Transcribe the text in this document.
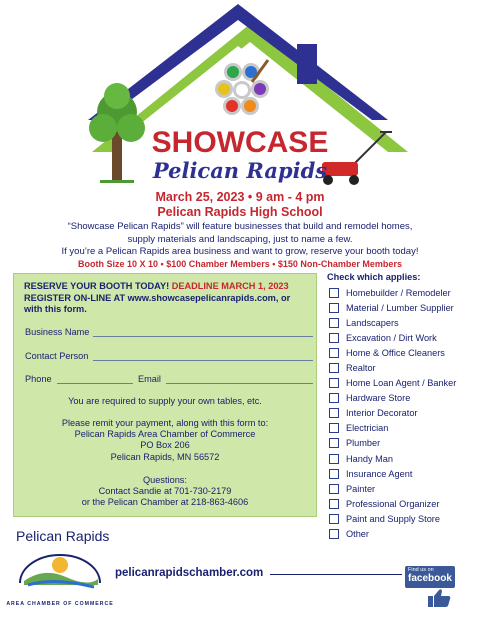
SHOWCASE
Pelican Rapids
March 25, 2023 • 9 am - 4 pm
Pelican Rapids High School
“Showcase Pelican Rapids” will feature businesses that build and remodel homes,
supply materials and landscaping, just to name a few.
If you’re a Pelican Rapids area business and want to grow, reserve your booth today!
Booth Size 10 X 10 • $100 Chamber Members • $150 Non-Chamber Members
RESERVE YOUR BOOTH TODAY! DEADLINE MARCH 1, 2023
REGISTER ON-LINE AT www.showcasepelicanrapids.com, or
with this form.
Business Name
Contact Person
Phone	Email
You are required to supply your own tables, etc.
Please remit your payment, along with this form to:
Pelican Rapids Area Chamber of Commerce
PO Box 206
Pelican Rapids, MN 56572
Questions:
Contact Sandie at 701-730-2179
or the Pelican Chamber at 218-863-4606
Check which applies:
Homebuilder / Remodeler
Material / Lumber Supplier
Landscapers
Excavation / Dirt Work
Home & Office Cleaners
Realtor
Home Loan Agent / Banker
Hardware Store
Interior Decorator
Electrician
Plumber
Handy Man
Insurance Agent
Painter
Professional Organizer
Paint and Supply Store
Other
Pelican Rapids
AREA CHAMBER OF COMMERCE
pelicanrapidschamber.com	Find us on
facebook
